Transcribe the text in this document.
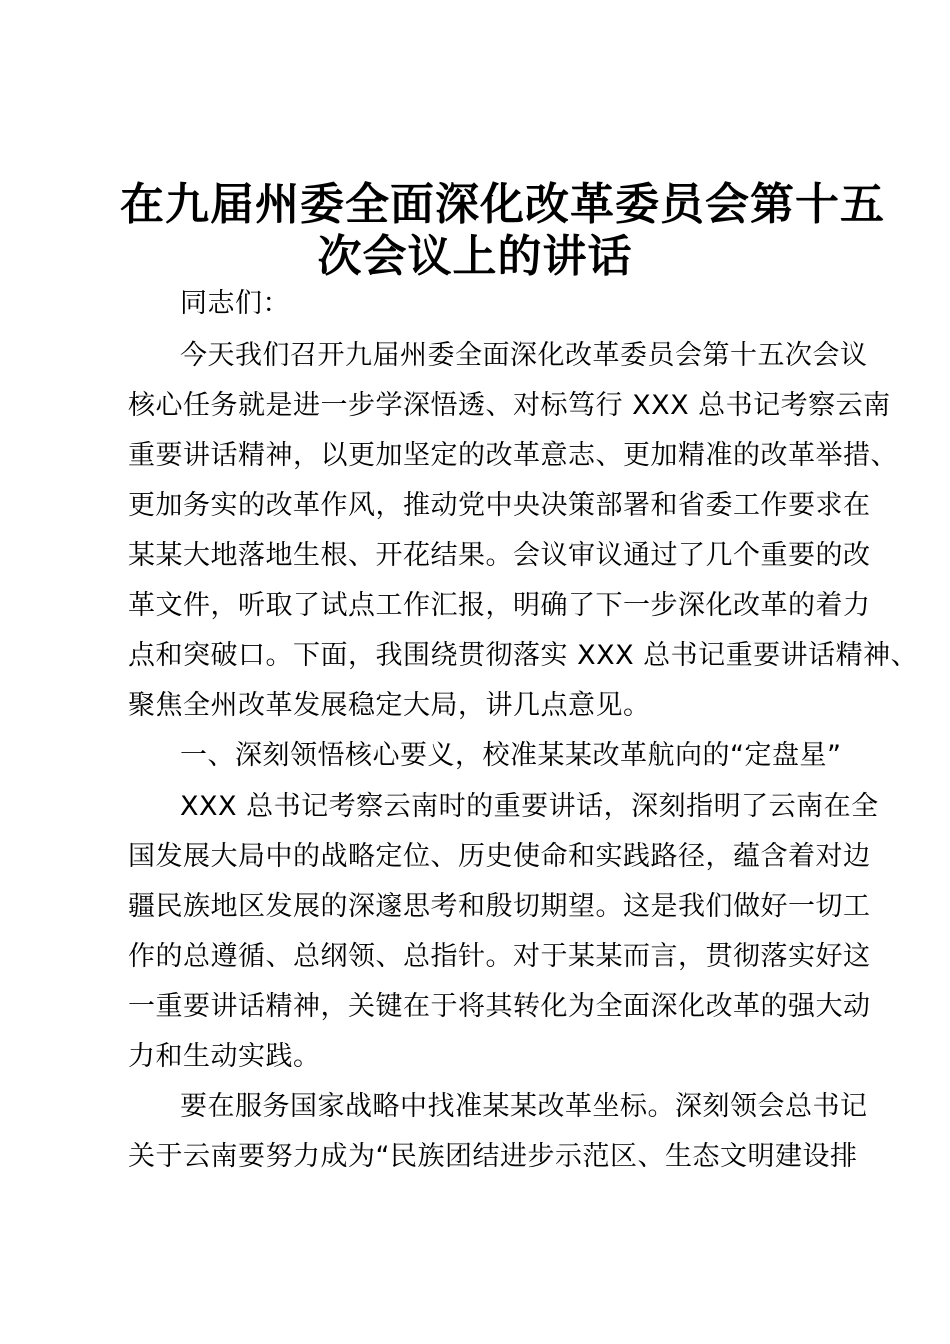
在九届州委全面深化改革委员会第十五
次会议上的讲话
同志们：
今天我们召开九届州委全面深化改革委员会第十五次会议
核心任务就是进一步学深悟透、对标笃行 XXX 总书记考察云南
重要讲话精神，以更加坚定的改革意志、更加精准的改革举措、
更加务实的改革作风，推动党中央决策部署和省委工作要求在
某某大地落地生根、开花结果。会议审议通过了几个重要的改
革文件，听取了试点工作汇报，明确了下一步深化改革的着力
点和突破口。下面，我围绕贯彻落实 XXX 总书记重要讲话精神、
聚焦全州改革发展稳定大局，讲几点意见。
一、深刻领悟核心要义，校准某某改革航向的“定盘星”
XXX 总书记考察云南时的重要讲话，深刻指明了云南在全
国发展大局中的战略定位、历史使命和实践路径，蕴含着对边
疆民族地区发展的深邃思考和殷切期望。这是我们做好一切工
作的总遵循、总纲领、总指针。对于某某而言，贯彻落实好这
一重要讲话精神，关键在于将其转化为全面深化改革的强大动
力和生动实践。
要在服务国家战略中找准某某改革坐标。深刻领会总书记
关于云南要努力成为“民族团结进步示范区、生态文明建设排
